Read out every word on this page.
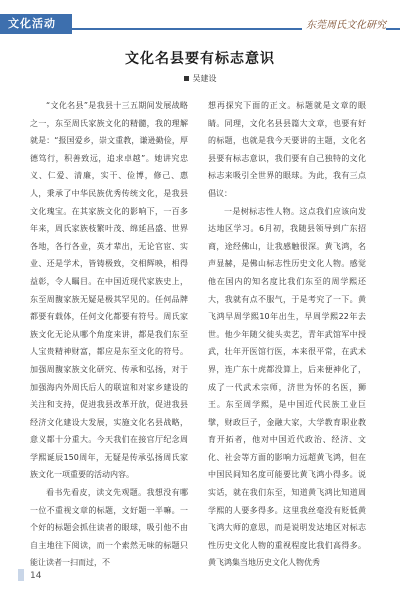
文化活动	东莞周氏文化研究
文化名县要有标志意识
吴建设

“文化名县”是我县十三五期间发展战略之一，东至周氏家族文化的精髓，我的理解就是：“报国爱乡，崇文重教，谦逊勤俭，厚德笃行，积善致远，追求卓越”。她讲究忠义、仁爱、清廉，实干、俭博，修己、惠人，秉承了中华民族优秀传统文化，是我县文化瑰宝。在其家族文化的影响下，一百多年来，周氏家族枝繁叶茂、绵延昌盛、世界各地，各行各业，英才辈出，无论官宦、实业、还是学术，皆铸极致，交相辉映，相得益彰，令人瞩目。在中国近现代家族史上，东至周馥家族无疑是极其罕见的。任何品牌都要有载体，任何文化都要有符号。周氏家族文化无论从哪个角度来讲，都是我们东至人宝贵精神财富，都应是东至文化的符号。加强周馥家族文化研究、传承和弘扬，对于加强海内外周氏后人的联谊和对家乡建设的关注和支持，促进我县改革开放，促进我县经济文化建设大发展，实施文化名县战略，意义都十分重大。今天我们在接官厅纪念周学熙诞辰150周年，无疑是传承弘扬周氏家族文化一项重要的活动内容。

看书先看皮，读文先观题。我想没有哪一位不重视文章的标题，文好题一半嘛。一个好的标题会抓住读者的眼球，吸引他不由自主地往下阅读，而一个索然无味的标题只能让读者一扫而过，不

想再探究下面的正文。标题就是文章的眼睛。同理，文化名县县篇大文章，也要有好的标题，也就是我今天要讲的主题，文化名县要有标志意识，我们要有自己独特的文化标志来吸引全世界的眼球。为此，我有三点倡议：

一是树标志性人物。这点我们应该向发达地区学习。6月初，我随县领导到广东招商，途经佛山，让我感触很深。黄飞鸿，名声显赫，是佛山标志性历史文化人物。感觉他在国内的知名度比我们东至的周学熙还大，我就有点不服气，于是考究了一下。黄飞鸿早周学熙10年出生，早周学熙22年去世。他少年随父徙头卖艺，青年武馆军中授武，壮年开医馆行医，本来很平常，在武术界，连广东十虎都没算上，后来便神化了，成了一代武术宗师，济世为怀的名医，狮王。东至周学熙，是中国近代民族工业巨擘，财政巨子，金融大家，大学教育职业教育开拓者，他对中国近代政治、经济、文化、社会等方面的影响力远超黄飞鸿，但在中国民间知名度可能要比黄飞鸿小得多。说实话，就在我们东至，知道黄飞鸿比知道周学熙的人要多得多。这里我丝毫没有贬低黄飞鸿大师的意思，而是说明发达地区对标志性历史文化人物的重视程度比我们高得多。黄飞鸿集当地历史文化人物优秀

14
